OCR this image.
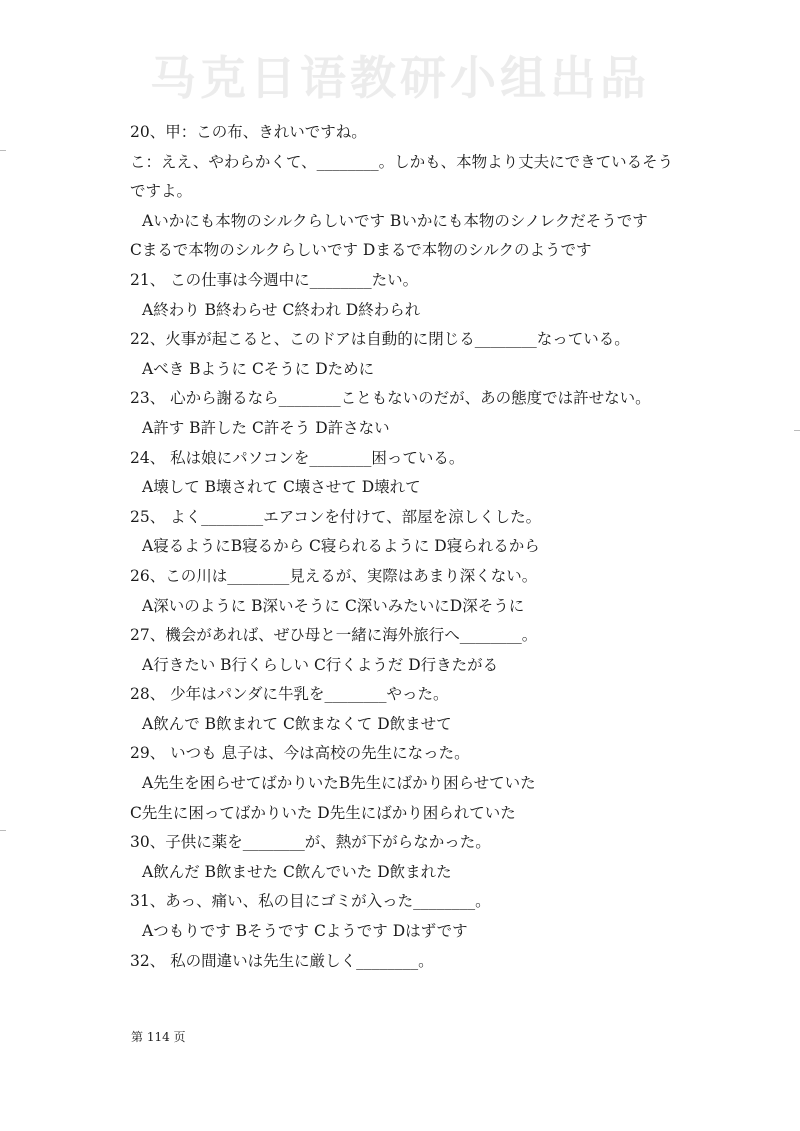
马克日语教研小组出品
20、甲：この布、きれいですね。
こ：ええ、やわらかくて、________。しかも、本物より丈夫にできているそう
ですよ。
Aいかにも本物のシルクらしいです Bいかにも本物のシノレクだそうです
Cまるで本物のシルクらしいです Dまるで本物のシルクのようです
21、 この仕事は今週中に________たい。
A終わり B終わらせ C終われ D終わられ
22、火事が起こると、このドアは自動的に閉じる________なっている。
Aべき Bように Cそうに Dために
23、 心から謝るなら________こともないのだが、あの態度では許せない。
A許す B許した C許そう D許さない
24、 私は娘にパソコンを________困っている。
A壊して B壊されて C壊させて D壊れて
25、 よく________エアコンを付けて、部屋を涼しくした。
A寝るようにB寝るから C寝られるように D寝られるから
26、この川は________見えるが、実際はあまり深くない。
A深いのように B深いそうに C深いみたいにD深そうに
27、機会があれば、ぜひ母と一緒に海外旅行へ________。
A行きたい B行くらしい C行くようだ D行きたがる
28、 少年はパンダに牛乳を________やった。
A飲んで B飲まれて C飲まなくて D飲ませて
29、 いつも 息子は、今は高校の先生になった。
A先生を困らせてばかりいたB先生にばかり困らせていた
C先生に困ってばかりいた D先生にばかり困られていた
30、子供に薬を________が、熱が下がらなかった。
A飲んだ B飲ませた C飲んでいた D飲まれた
31、あっ、痛い、私の目にゴミが入った________。
Aつもりです Bそうです Cようです Dはずです
32、 私の間違いは先生に厳しく________。
第 114 页
